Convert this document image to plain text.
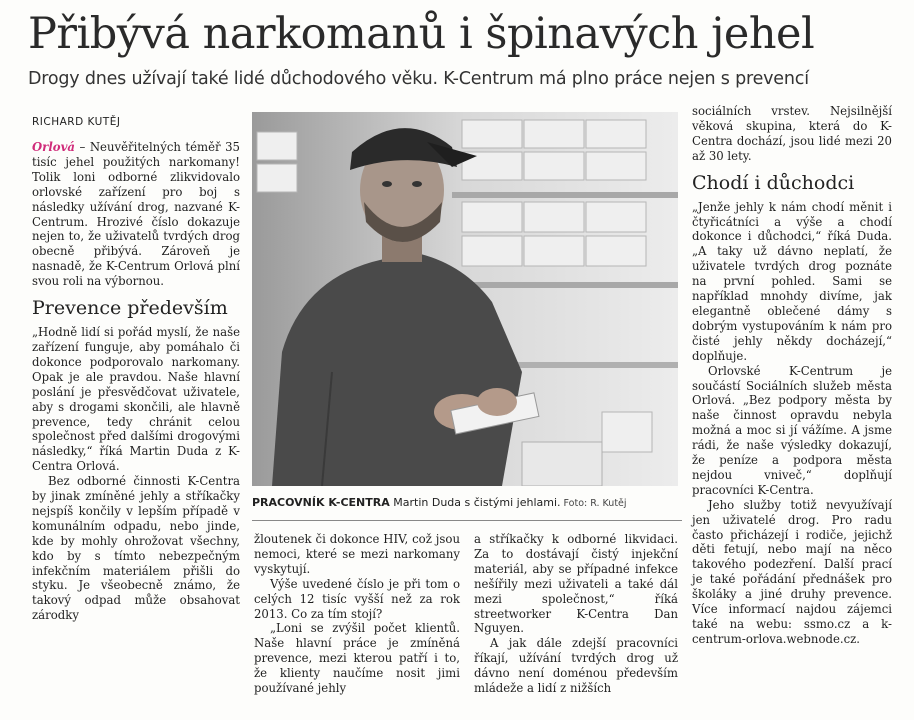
Přibývá narkomanů i špinavých jehel
Drogy dnes užívají také lidé důchodového věku. K-Centrum má plno práce nejen s prevencí
RICHARD KUTĚJ

Orlová – Neuvěřitelných téměř 35 tisíc jehel použitých narkomany! Tolik loni odborné zlikvidovalo orlovské zařízení pro boj s následky užívání drog, nazvané K-Centrum. Hrozivé číslo dokazuje nejen to, že uživatelů tvrdých drog obecně přibývá. Zároveň je nasnadě, že K-Centrum Orlová plní svou roli na výbornou.

Prevence především

„Hodně lidí si pořád myslí, že naše zařízení funguje, aby pomáhalo či dokonce podporovalo narkomany. Opak je ale pravdou. Naše hlavní poslání je přesvědčovat uživatele, aby s drogami skončili, ale hlavně prevence, tedy chránit celou společnost před dalšími drogovými následky,“ říká Martin Duda z K-Centra Orlová.

Bez odborné činnosti K-Centra by jinak zmíněné jehly a stříkačky nejspíš končily v lepším případě v komunálním odpadu, nebo jinde, kde by mohly ohrožovat všechny, kdo by s tímto nebezpečným infekčním materiálem přišli do styku. Je všeobecně známo, že takový odpad může obsahovat zárodky

PRACOVNÍK K-CENTRA Martin Duda s čistými jehlami. Foto: R. Kutěj

žloutenek či dokonce HIV, což jsou nemoci, které se mezi narkomany vyskytují.

Výše uvedené číslo je při tom o celých 12 tisíc vyšší než za rok 2013. Co za tím stojí?

„Loni se zvýšil počet klientů. Naše hlavní práce je zmíněná prevence, mezi kterou patří i to, že klienty naučíme nosit jimi používané jehly

a stříkačky k odborné likvidaci. Za to dostávají čistý injekční materiál, aby se případné infekce nešířily mezi uživateli a také dál mezi společnost,“ říká streetworker K-Centra Dan Nguyen.

A jak dále zdejší pracovníci říkají, užívání tvrdých drog už dávno není doménou především mládeže a lidí z nižších

sociálních vrstev. Nejsilnější věková skupina, která do K-Centra dochází, jsou lidé mezi 20 až 30 lety.

Chodí i důchodci

„Jenže jehly k nám chodí měnit i čtyřicátníci a výše a chodí dokonce i důchodci,“ říká Duda. „A taky už dávno neplatí, že uživatele tvrdých drog poznáte na první pohled. Sami se například mnohdy divíme, jak elegantně oblečené dámy s dobrým vystupováním k nám pro čisté jehly někdy docházejí,“ doplňuje.

Orlovské K-Centrum je součástí Sociálních služeb města Orlová. „Bez podpory města by naše činnost opravdu nebyla možná a moc si jí vážíme. A jsme rádi, že naše výsledky dokazují, že peníze a podpora města nejdou vniveč,“ doplňují pracovníci K-Centra.

Jeho služby totiž nevyužívají jen uživatelé drog. Pro radu často přicházejí i rodiče, jejichž děti fetují, nebo mají na něco takového podezření. Další prací je také pořádání přednášek pro školáky a jiné druhy prevence. Více informací najdou zájemci také na webu: ssmo.cz a k-centrum-orlova.webnode.cz.
